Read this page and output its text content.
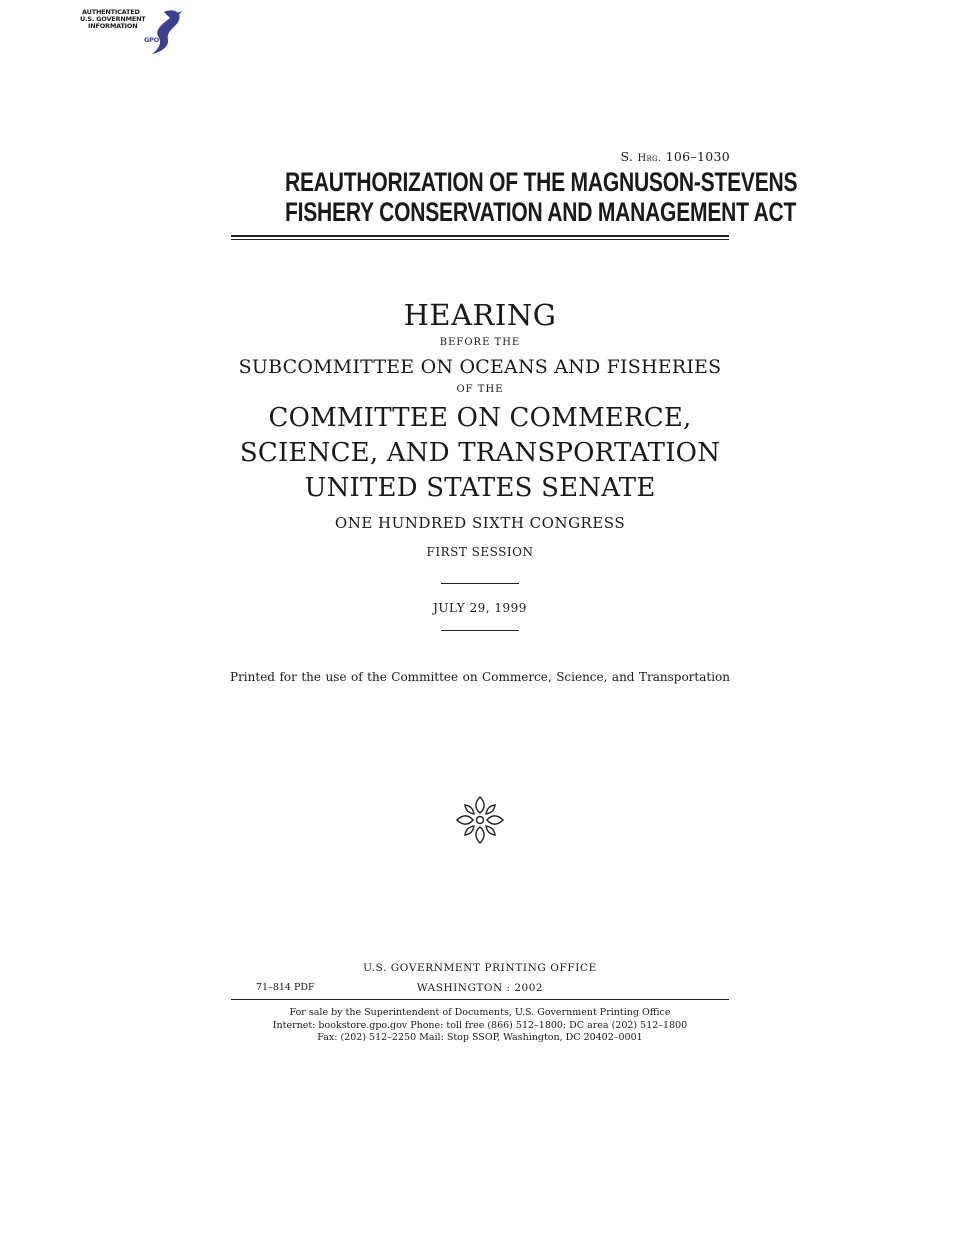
AUTHENTICATED
U.S. GOVERNMENT
INFORMATION
GPO
S. Hrg. 106–1030
REAUTHORIZATION OF THE MAGNUSON-STEVENS
FISHERY CONSERVATION AND MANAGEMENT ACT
HEARING
BEFORE THE
SUBCOMMITTEE ON OCEANS AND FISHERIES
OF THE
COMMITTEE ON COMMERCE,
SCIENCE, AND TRANSPORTATION
UNITED STATES SENATE
ONE HUNDRED SIXTH CONGRESS
FIRST SESSION
JULY 29, 1999
Printed for the use of the Committee on Commerce, Science, and Transportation
U.S. GOVERNMENT PRINTING OFFICE
71–814 PDF	WASHINGTON : 2002
For sale by the Superintendent of Documents, U.S. Government Printing Office
Internet: bookstore.gpo.gov Phone: toll free (866) 512–1800; DC area (202) 512–1800
Fax: (202) 512–2250 Mail: Stop SSOP, Washington, DC 20402–0001
